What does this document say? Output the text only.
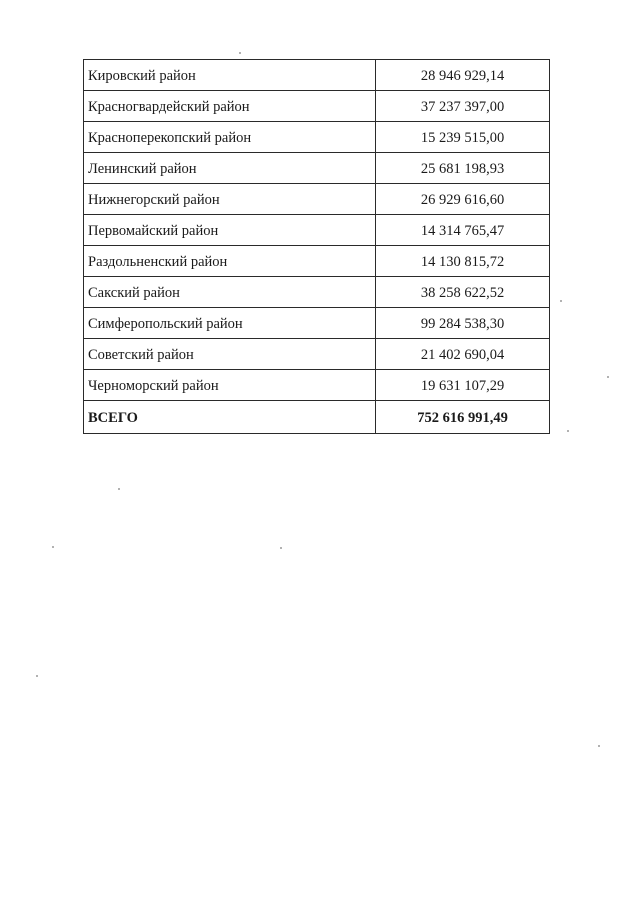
Кировский район	28 946 929,14
Красногвардейский район	37 237 397,00
Красноперекопский район	15 239 515,00
Ленинский район	25 681 198,93
Нижнегорский район	26 929 616,60
Первомайский район	14 314 765,47
Раздольненский район	14 130 815,72
Сакский район	38 258 622,52
Симферопольский район	99 284 538,30
Советский район	21 402 690,04
Черноморский район	19 631 107,29
ВСЕГО	752 616 991,49
